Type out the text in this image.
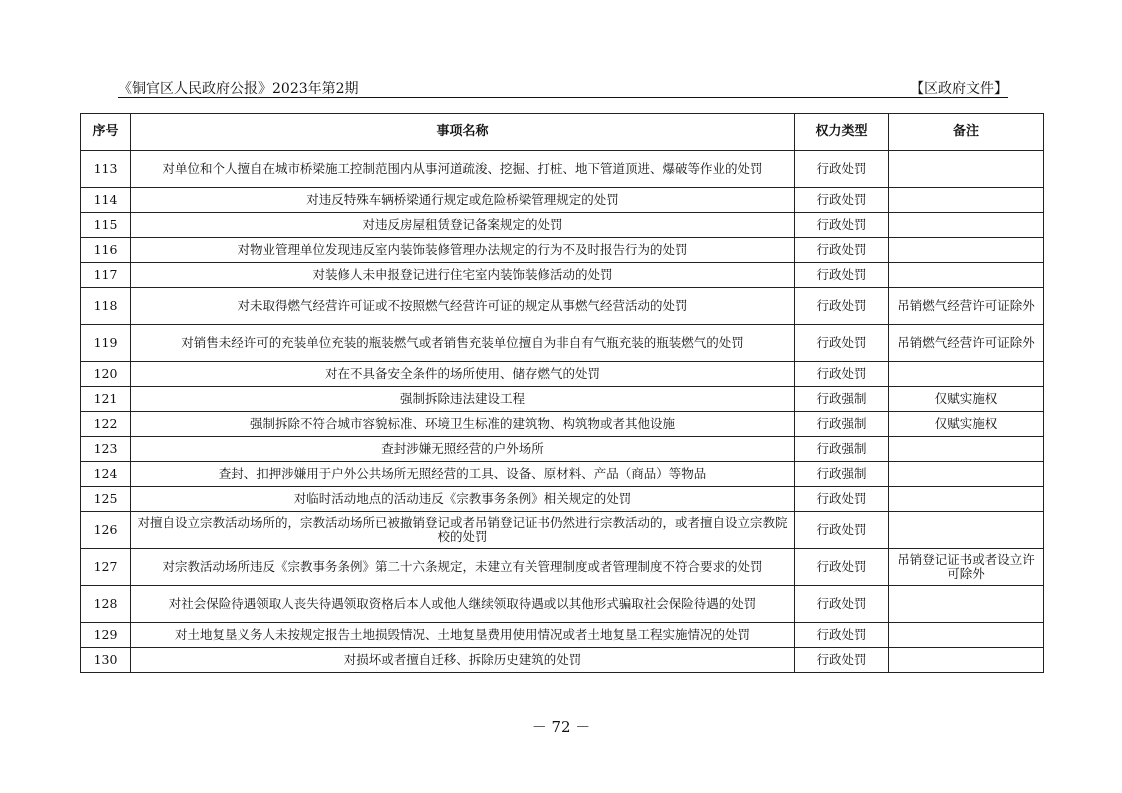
《铜官区人民政府公报》2023年第2期	【区政府文件】
序号	事项名称	权力类型	备注
113	对单位和个人擅自在城市桥梁施工控制范围内从事河道疏浚、挖掘、打桩、地下管道顶进、爆破等作业的处罚	行政处罚	
114	对违反特殊车辆桥梁通行规定或危险桥梁管理规定的处罚	行政处罚	
115	对违反房屋租赁登记备案规定的处罚	行政处罚	
116	对物业管理单位发现违反室内装饰装修管理办法规定的行为不及时报告行为的处罚	行政处罚	
117	对装修人未申报登记进行住宅室内装饰装修活动的处罚	行政处罚	
118	对未取得燃气经营许可证或不按照燃气经营许可证的规定从事燃气经营活动的处罚	行政处罚	吊销燃气经营许可证除外
119	对销售未经许可的充装单位充装的瓶装燃气或者销售充装单位擅自为非自有气瓶充装的瓶装燃气的处罚	行政处罚	吊销燃气经营许可证除外
120	对在不具备安全条件的场所使用、储存燃气的处罚	行政处罚	
121	强制拆除违法建设工程	行政强制	仅赋实施权
122	强制拆除不符合城市容貌标准、环境卫生标准的建筑物、构筑物或者其他设施	行政强制	仅赋实施权
123	查封涉嫌无照经营的户外场所	行政强制	
124	查封、扣押涉嫌用于户外公共场所无照经营的工具、设备、原材料、产品（商品）等物品	行政强制	
125	对临时活动地点的活动违反《宗教事务条例》相关规定的处罚	行政处罚	
126	对擅自设立宗教活动场所的，宗教活动场所已被撤销登记或者吊销登记证书仍然进行宗教活动的，或者擅自设立宗教院校的处罚	行政处罚	
127	对宗教活动场所违反《宗教事务条例》第二十六条规定，未建立有关管理制度或者管理制度不符合要求的处罚	行政处罚	吊销登记证书或者设立许可除外
128	对社会保险待遇领取人丧失待遇领取资格后本人或他人继续领取待遇或以其他形式骗取社会保险待遇的处罚	行政处罚	
129	对土地复垦义务人未按规定报告土地损毁情况、土地复垦费用使用情况或者土地复垦工程实施情况的处罚	行政处罚	
130	对损坏或者擅自迁移、拆除历史建筑的处罚	行政处罚	
－ 72 －
